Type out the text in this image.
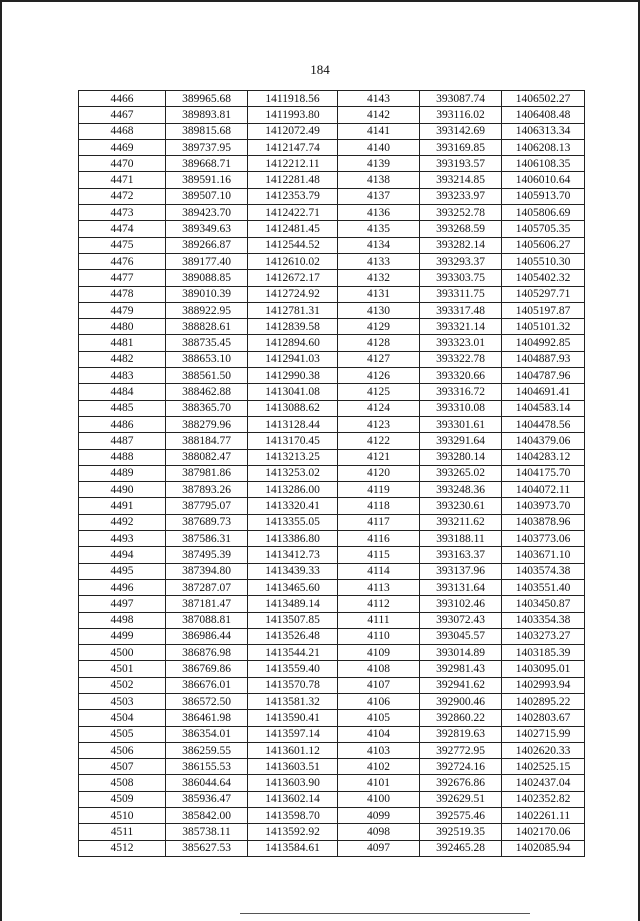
184
4466	389965.68	1411918.56	4143	393087.74	1406502.27
4467	389893.81	1411993.80	4142	393116.02	1406408.48
4468	389815.68	1412072.49	4141	393142.69	1406313.34
4469	389737.95	1412147.74	4140	393169.85	1406208.13
4470	389668.71	1412212.11	4139	393193.57	1406108.35
4471	389591.16	1412281.48	4138	393214.85	1406010.64
4472	389507.10	1412353.79	4137	393233.97	1405913.70
4473	389423.70	1412422.71	4136	393252.78	1405806.69
4474	389349.63	1412481.45	4135	393268.59	1405705.35
4475	389266.87	1412544.52	4134	393282.14	1405606.27
4476	389177.40	1412610.02	4133	393293.37	1405510.30
4477	389088.85	1412672.17	4132	393303.75	1405402.32
4478	389010.39	1412724.92	4131	393311.75	1405297.71
4479	388922.95	1412781.31	4130	393317.48	1405197.87
4480	388828.61	1412839.58	4129	393321.14	1405101.32
4481	388735.45	1412894.60	4128	393323.01	1404992.85
4482	388653.10	1412941.03	4127	393322.78	1404887.93
4483	388561.50	1412990.38	4126	393320.66	1404787.96
4484	388462.88	1413041.08	4125	393316.72	1404691.41
4485	388365.70	1413088.62	4124	393310.08	1404583.14
4486	388279.96	1413128.44	4123	393301.61	1404478.56
4487	388184.77	1413170.45	4122	393291.64	1404379.06
4488	388082.47	1413213.25	4121	393280.14	1404283.12
4489	387981.86	1413253.02	4120	393265.02	1404175.70
4490	387893.26	1413286.00	4119	393248.36	1404072.11
4491	387795.07	1413320.41	4118	393230.61	1403973.70
4492	387689.73	1413355.05	4117	393211.62	1403878.96
4493	387586.31	1413386.80	4116	393188.11	1403773.06
4494	387495.39	1413412.73	4115	393163.37	1403671.10
4495	387394.80	1413439.33	4114	393137.96	1403574.38
4496	387287.07	1413465.60	4113	393131.64	1403551.40
4497	387181.47	1413489.14	4112	393102.46	1403450.87
4498	387088.81	1413507.85	4111	393072.43	1403354.38
4499	386986.44	1413526.48	4110	393045.57	1403273.27
4500	386876.98	1413544.21	4109	393014.89	1403185.39
4501	386769.86	1413559.40	4108	392981.43	1403095.01
4502	386676.01	1413570.78	4107	392941.62	1402993.94
4503	386572.50	1413581.32	4106	392900.46	1402895.22
4504	386461.98	1413590.41	4105	392860.22	1402803.67
4505	386354.01	1413597.14	4104	392819.63	1402715.99
4506	386259.55	1413601.12	4103	392772.95	1402620.33
4507	386155.53	1413603.51	4102	392724.16	1402525.15
4508	386044.64	1413603.90	4101	392676.86	1402437.04
4509	385936.47	1413602.14	4100	392629.51	1402352.82
4510	385842.00	1413598.70	4099	392575.46	1402261.11
4511	385738.11	1413592.92	4098	392519.35	1402170.06
4512	385627.53	1413584.61	4097	392465.28	1402085.94
